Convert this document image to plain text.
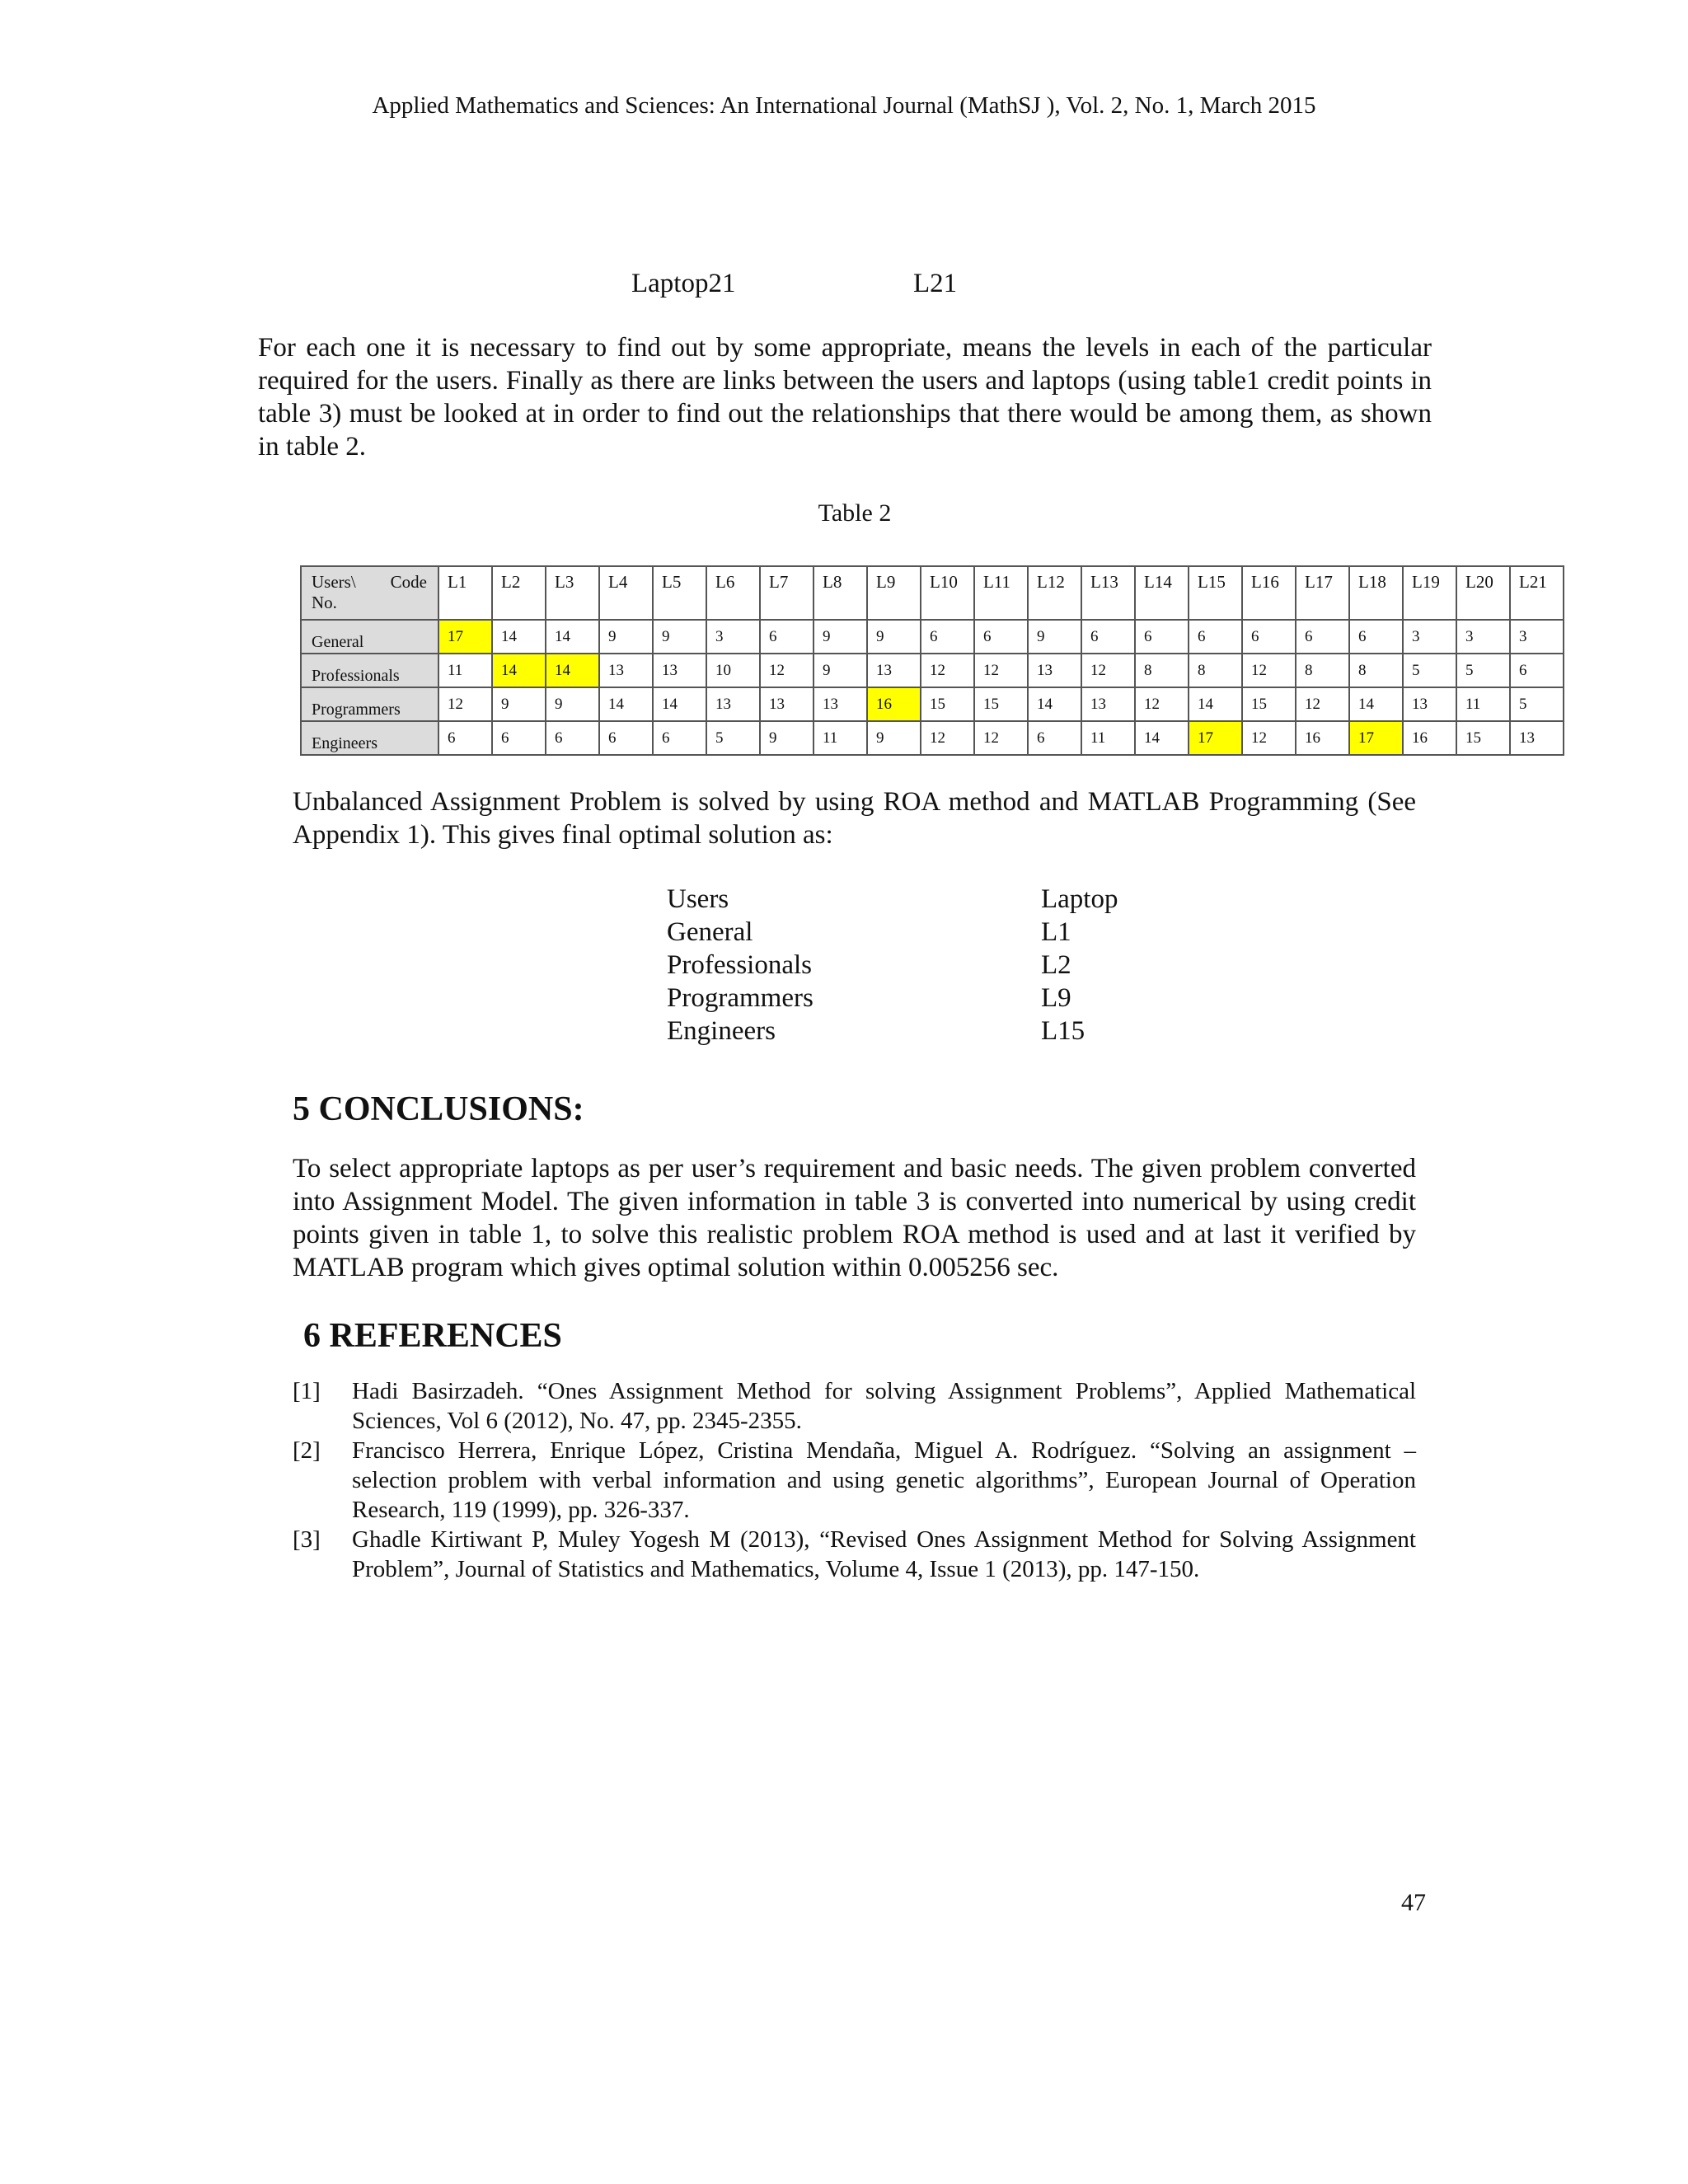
Applied Mathematics and Sciences: An International Journal (MathSJ ), Vol. 2, No. 1, March 2015
Laptop21	L21
For each one it is necessary to find out by some appropriate, means the levels in each of the particular required for the users. Finally as there are links between the users and laptops (using table1 credit points in table 3) must be looked at in order to find out the relationships that there would be among them, as shown in table 2.
Table 2
Users\ Code
No.	L1	L2	L3	L4	L5	L6	L7	L8	L9	L10	L11	L12	L13	L14	L15	L16	L17	L18	L19	L20	L21
General	17	14	14	9	9	3	6	9	9	6	6	9	6	6	6	6	6	6	3	3	3
Professionals	11	14	14	13	13	10	12	9	13	12	12	13	12	8	8	12	8	8	5	5	6
Programmers	12	9	9	14	14	13	13	13	16	15	15	14	13	12	14	15	12	14	13	11	5
Engineers	6	6	6	6	6	5	9	11	9	12	12	6	11	14	17	12	16	17	16	15	13
Unbalanced Assignment Problem is solved by using ROA method and MATLAB Programming (See Appendix 1). This gives final optimal solution as:
Users	Laptop
General	L1
Professionals	L2
Programmers	L9
Engineers	L15
5 CONCLUSIONS:
To select appropriate laptops as per user’s requirement and basic needs. The given problem converted into Assignment Model. The given information in table 3 is converted into numerical by using credit points given in table 1, to solve this realistic problem ROA method is used and at last it verified by MATLAB program which gives optimal solution within 0.005256 sec.
6 REFERENCES
[1]	Hadi Basirzadeh. “Ones Assignment Method for solving Assignment Problems”, Applied Mathematical Sciences, Vol 6 (2012), No. 47, pp. 2345-2355.
[2]	Francisco Herrera, Enrique López, Cristina Mendaña, Miguel A. Rodríguez. “Solving an assignment – selection problem with verbal information and using genetic algorithms”, European Journal of Operation Research, 119 (1999), pp. 326-337.
[3]	Ghadle Kirtiwant P, Muley Yogesh M (2013), “Revised Ones Assignment Method for Solving Assignment Problem”, Journal of Statistics and Mathematics, Volume 4, Issue 1 (2013), pp. 147-150.
47
